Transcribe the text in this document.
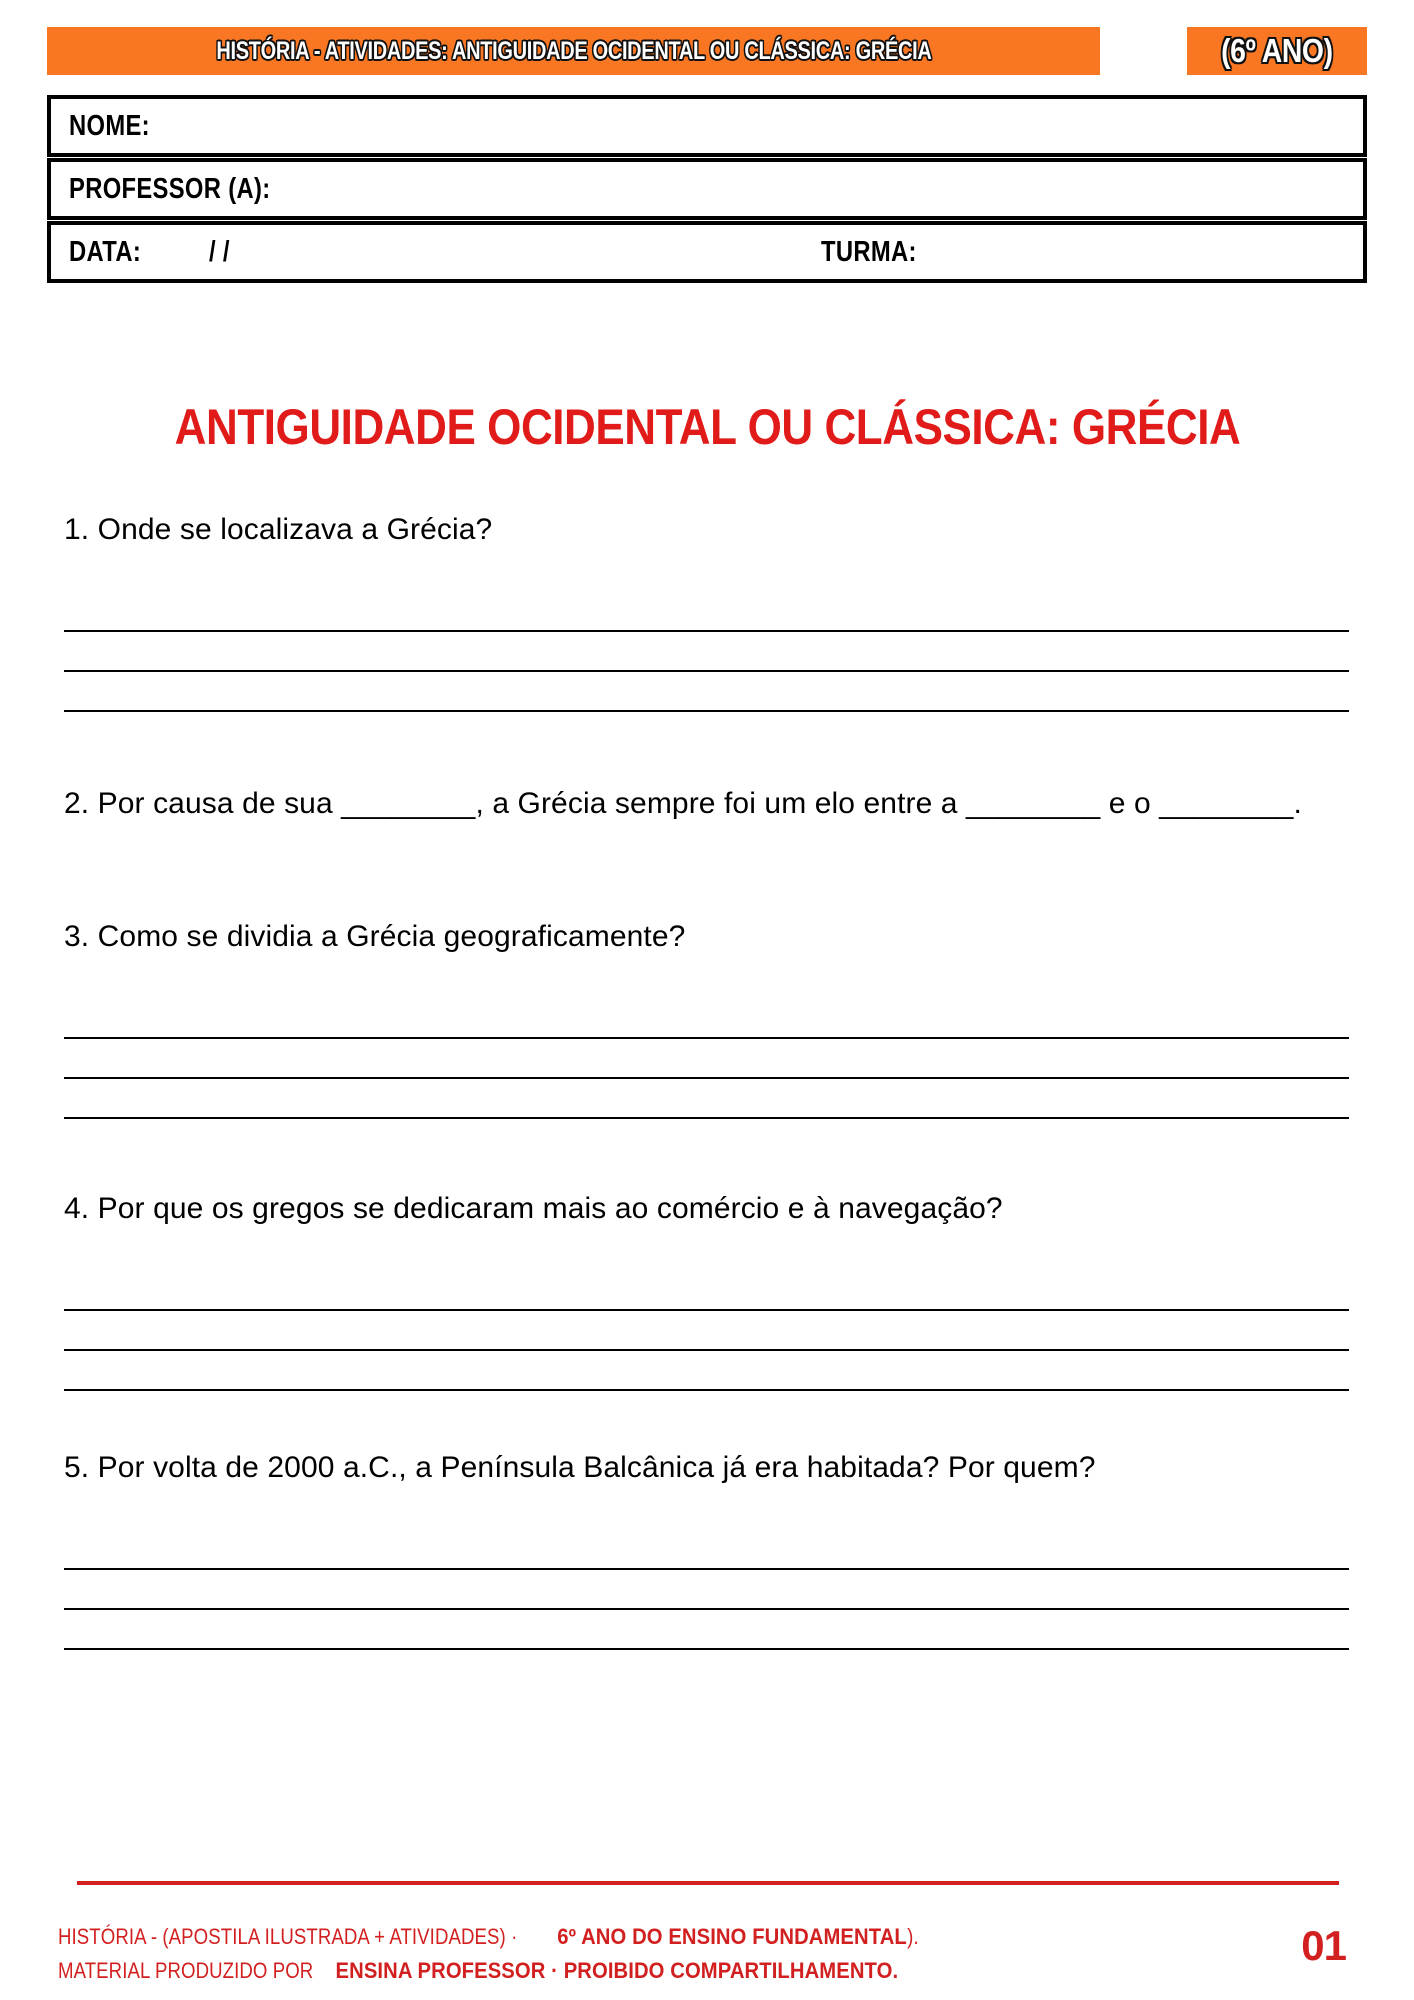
HISTÓRIA - ATIVIDADES: ANTIGUIDADE OCIDENTAL OU CLÁSSICA: GRÉCIA	(6º ANO)
NOME:
PROFESSOR (A):
DATA: / /	TURMA:
ANTIGUIDADE OCIDENTAL OU CLÁSSICA: GRÉCIA
1. Onde se localizava a Grécia?
2. Por causa de sua ________, a Grécia sempre foi um elo entre a ________ e o ________.
3. Como se dividia a Grécia geograficamente?
4. Por que os gregos se dedicaram mais ao comércio e à navegação?
5. Por volta de 2000 a.C., a Península Balcânica já era habitada? Por quem?
HISTÓRIA - (APOSTILA ILUSTRADA + ATIVIDADES) ·6º ANO DO ENSINO FUNDAMENTAL).
MATERIAL PRODUZIDO PORENSINA PROFESSOR · PROIBIDO COMPARTILHAMENTO.
01
